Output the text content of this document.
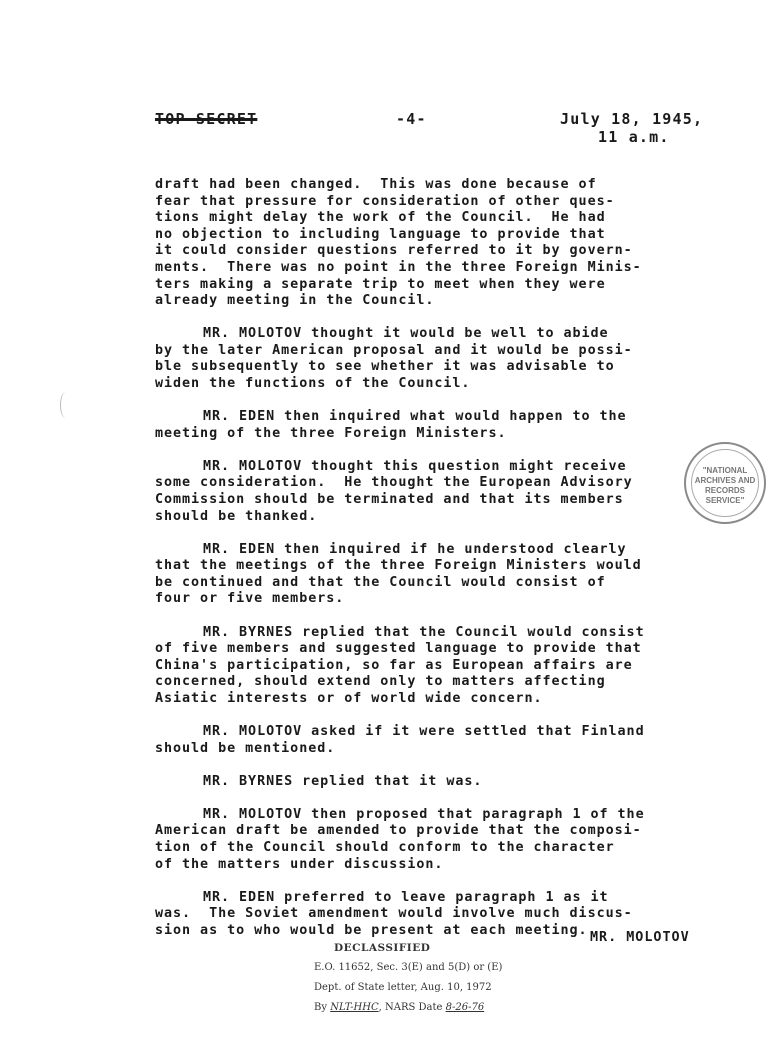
TOP SECRET	-4-	July 18, 1945,
11 a.m.
draft had been changed.  This was done because of
fear that pressure for consideration of other ques-
tions might delay the work of the Council.  He had
no objection to including language to provide that
it could consider questions referred to it by govern-
ments.  There was no point in the three Foreign Minis-
ters making a separate trip to meet when they were
already meeting in the Council.
MR. MOLOTOV thought it would be well to abide
by the later American proposal and it would be possi-
ble subsequently to see whether it was advisable to
widen the functions of the Council.
MR. EDEN then inquired what would happen to the
meeting of the three Foreign Ministers.
MR. MOLOTOV thought this question might receive
some consideration.  He thought the European Advisory
Commission should be terminated and that its members
should be thanked.
MR. EDEN then inquired if he understood clearly
that the meetings of the three Foreign Ministers would
be continued and that the Council would consist of
four or five members.
MR. BYRNES replied that the Council would consist
of five members and suggested language to provide that
China's participation, so far as European affairs are
concerned, should extend only to matters affecting
Asiatic interests or of world wide concern.
MR. MOLOTOV asked if it were settled that Finland
should be mentioned.
MR. BYRNES replied that it was.
MR. MOLOTOV then proposed that paragraph 1 of the
American draft be amended to provide that the composi-
tion of the Council should conform to the character
of the matters under discussion.
MR. EDEN preferred to leave paragraph 1 as it
was.  The Soviet amendment would involve much discus-
sion as to who would be present at each meeting.
"NATIONAL
ARCHIVES AND
RECORDS
SERVICE"
MR. MOLOTOV
DECLASSIFIED
E.O. 11652, Sec. 3(E) and 5(D) or (E)
Dept. of State letter, Aug. 10, 1972
By NLT-HHC, NARS Date 8-26-76
